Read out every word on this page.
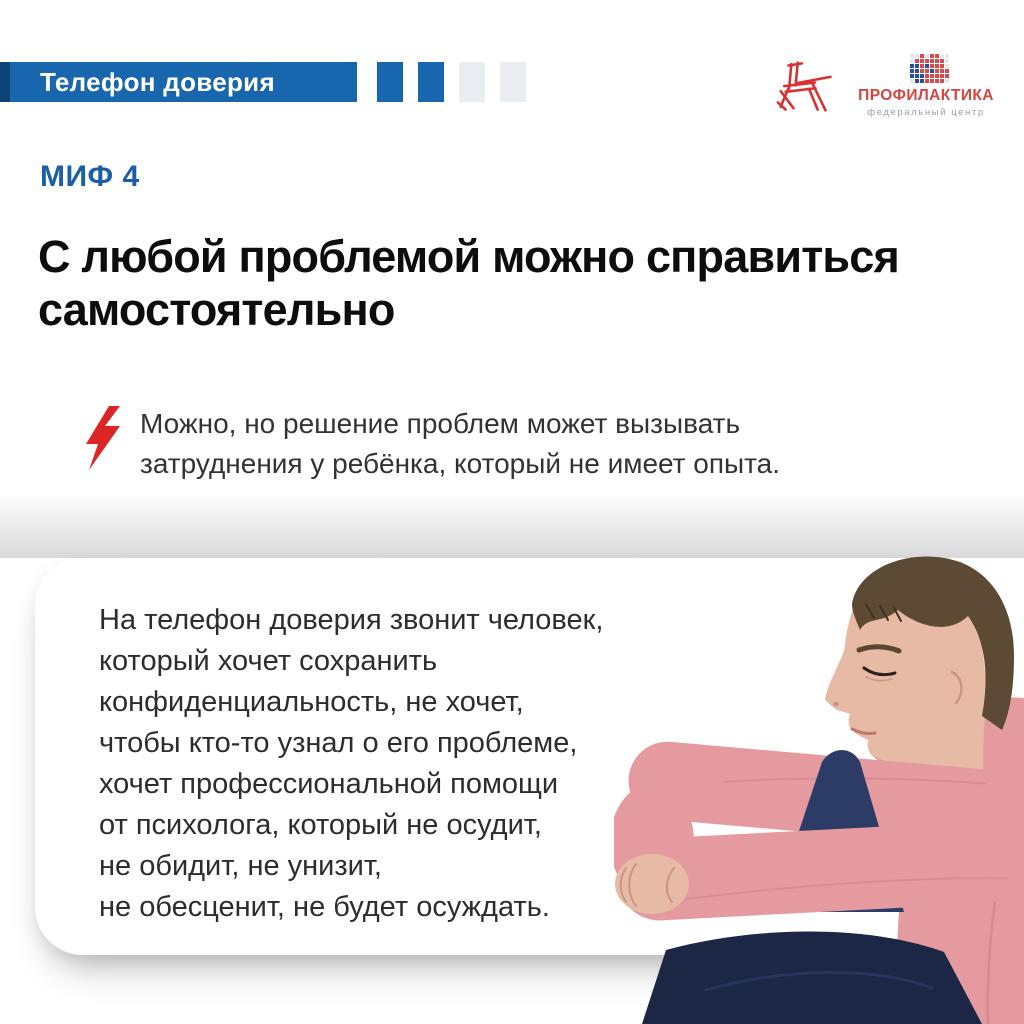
Телефон доверия	ПРОФИЛАКТИКА
федеральный центр
МИФ 4
С любой проблемой можно справиться
самостоятельно
Можно, но решение проблем может вызывать
затруднения у ребёнка, который не имеет опыта.
На телефон доверия звонит человек,
который хочет сохранить
конфиденциальность, не хочет,
чтобы кто-то узнал о его проблеме,
хочет профессиональной помощи
от психолога, который не осудит,
не обидит, не унизит,
не обесценит, не будет осуждать.
